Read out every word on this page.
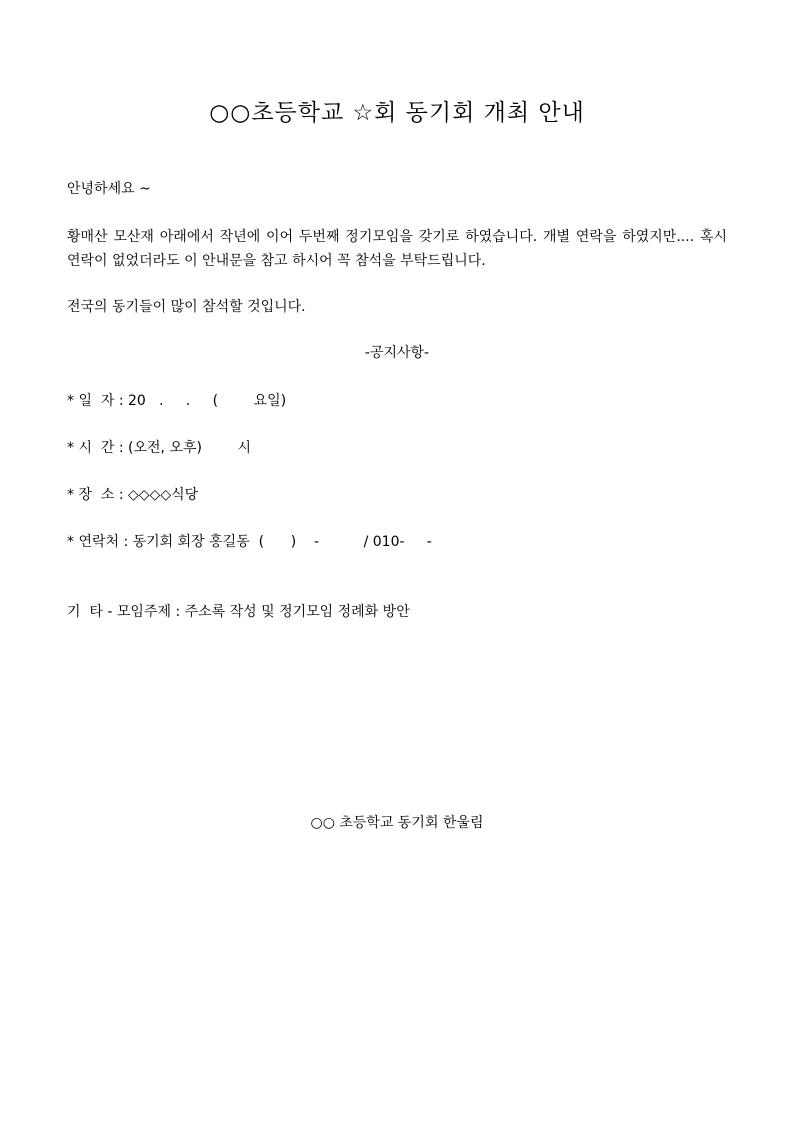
○○초등학교 ☆회 동기회 개최 안내
안녕하세요 ~
황매산 모산재 아래에서 작년에 이어 두번째 정기모임을 갖기로 하였습니다. 개별 연락을 하였지만.... 혹시 연락이 없었더라도 이 안내문을 참고 하시어 꼭 참석을 부탁드립니다.
전국의 동기들이 많이 참석할 것입니다.
-공지사항-
* 일  자 : 20   .     .     (        요일)
* 시  간 : (오전, 오후)        시
* 장  소 : ◇◇◇◇식당
* 연락처 : 동기회 회장 홍길동  (      )    -          / 010-     -
기  타 - 모임주제 : 주소록 작성 및 정기모임 정례화 방안
○○ 초등학교 동기회 한울림
